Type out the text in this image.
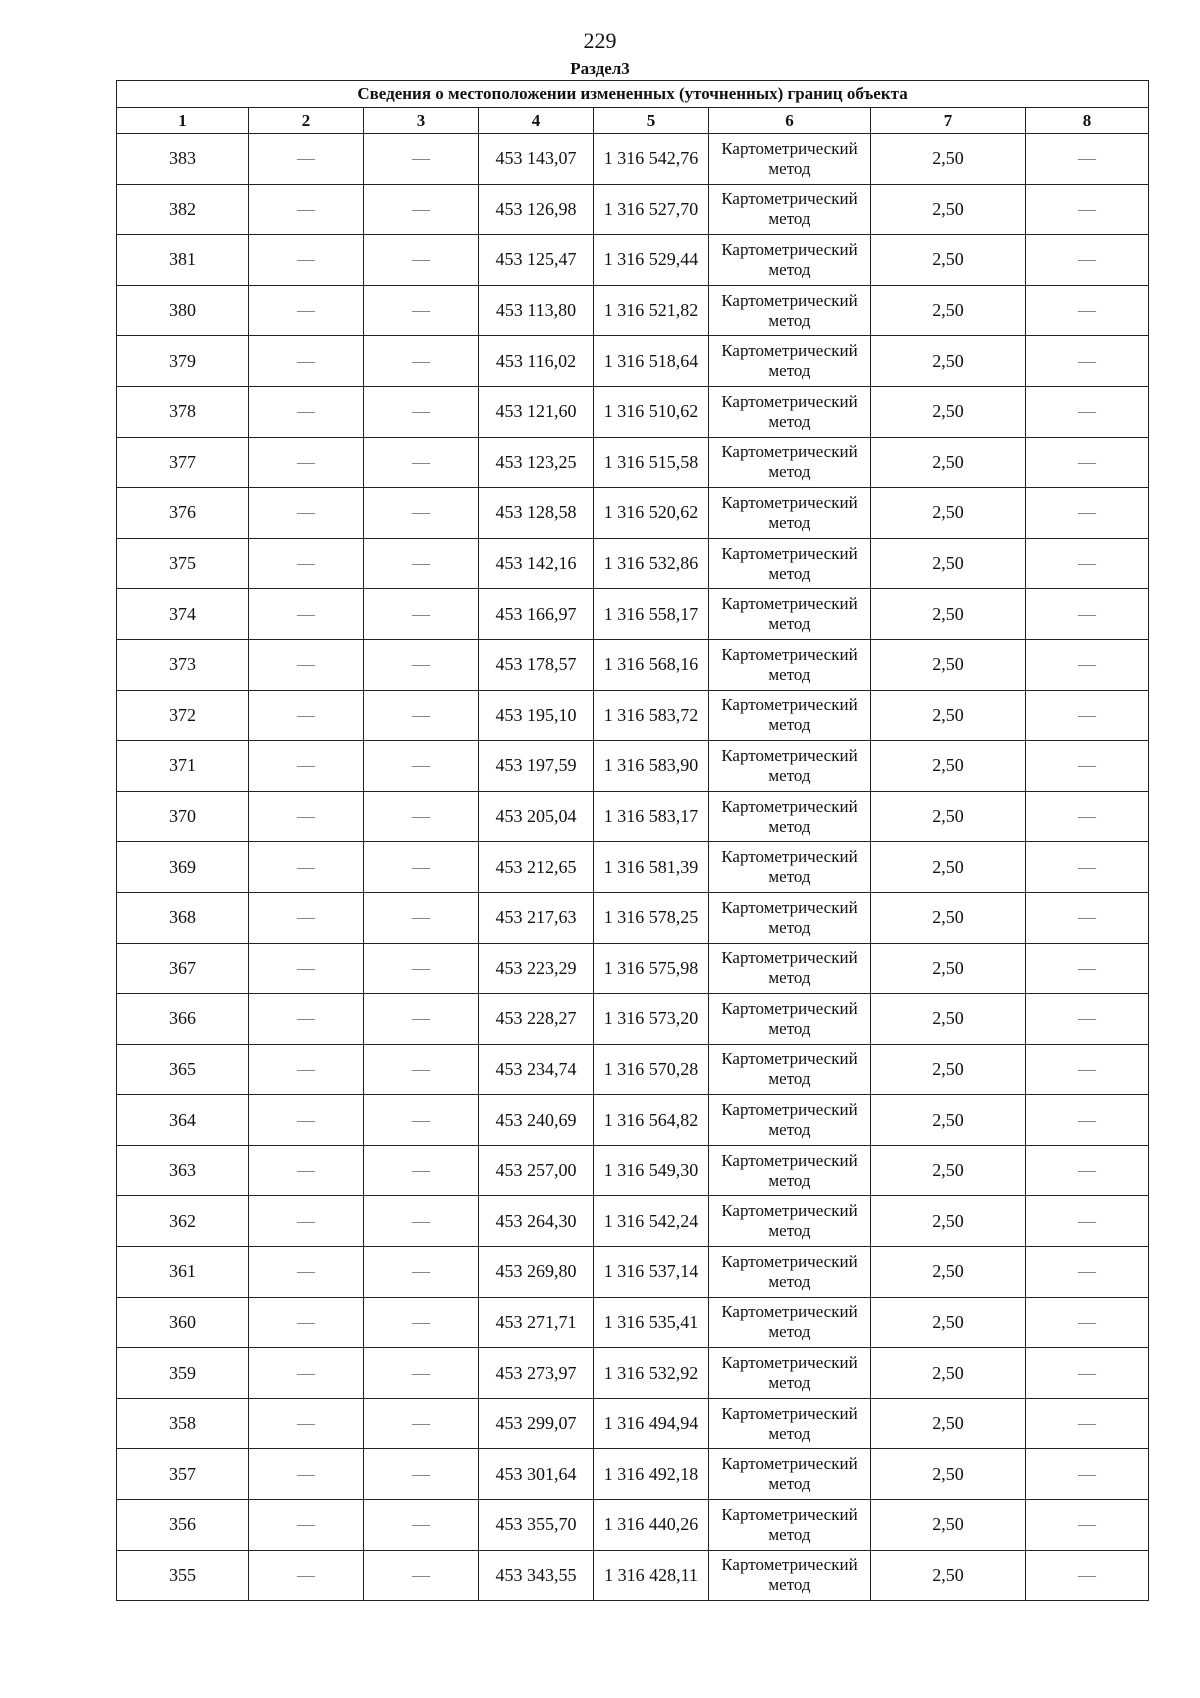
229
Раздел3
Сведения о местоположении измененных (уточненных) границ объекта							
1	2	3	4	5	6	7	8
383	—	—	453 143,07	1 316 542,76	Картометрический метод	2,50	—
382	—	—	453 126,98	1 316 527,70	Картометрический метод	2,50	—
381	—	—	453 125,47	1 316 529,44	Картометрический метод	2,50	—
380	—	—	453 113,80	1 316 521,82	Картометрический метод	2,50	—
379	—	—	453 116,02	1 316 518,64	Картометрический метод	2,50	—
378	—	—	453 121,60	1 316 510,62	Картометрический метод	2,50	—
377	—	—	453 123,25	1 316 515,58	Картометрический метод	2,50	—
376	—	—	453 128,58	1 316 520,62	Картометрический метод	2,50	—
375	—	—	453 142,16	1 316 532,86	Картометрический метод	2,50	—
374	—	—	453 166,97	1 316 558,17	Картометрический метод	2,50	—
373	—	—	453 178,57	1 316 568,16	Картометрический метод	2,50	—
372	—	—	453 195,10	1 316 583,72	Картометрический метод	2,50	—
371	—	—	453 197,59	1 316 583,90	Картометрический метод	2,50	—
370	—	—	453 205,04	1 316 583,17	Картометрический метод	2,50	—
369	—	—	453 212,65	1 316 581,39	Картометрический метод	2,50	—
368	—	—	453 217,63	1 316 578,25	Картометрический метод	2,50	—
367	—	—	453 223,29	1 316 575,98	Картометрический метод	2,50	—
366	—	—	453 228,27	1 316 573,20	Картометрический метод	2,50	—
365	—	—	453 234,74	1 316 570,28	Картометрический метод	2,50	—
364	—	—	453 240,69	1 316 564,82	Картометрический метод	2,50	—
363	—	—	453 257,00	1 316 549,30	Картометрический метод	2,50	—
362	—	—	453 264,30	1 316 542,24	Картометрический метод	2,50	—
361	—	—	453 269,80	1 316 537,14	Картометрический метод	2,50	—
360	—	—	453 271,71	1 316 535,41	Картометрический метод	2,50	—
359	—	—	453 273,97	1 316 532,92	Картометрический метод	2,50	—
358	—	—	453 299,07	1 316 494,94	Картометрический метод	2,50	—
357	—	—	453 301,64	1 316 492,18	Картометрический метод	2,50	—
356	—	—	453 355,70	1 316 440,26	Картометрический метод	2,50	—
355	—	—	453 343,55	1 316 428,11	Картометрический метод	2,50	—
